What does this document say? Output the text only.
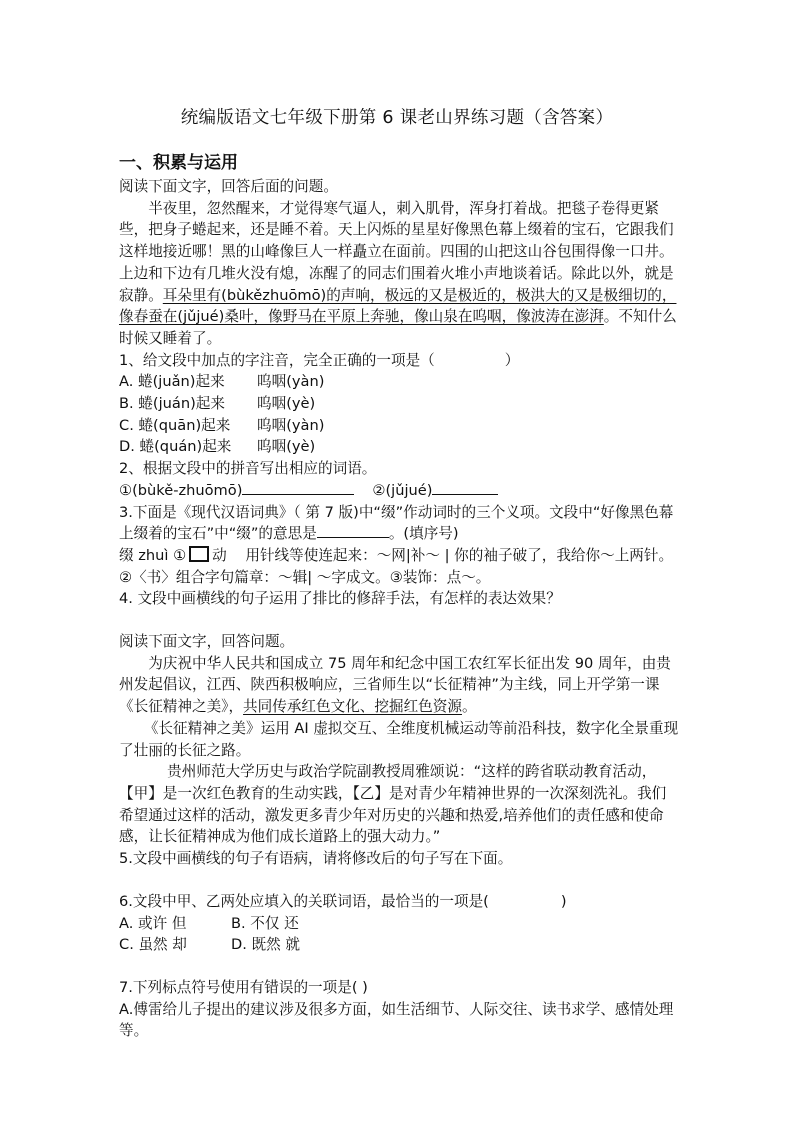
统编版语文七年级下册第 6 课老山界练习题（含答案）
一、积累与运用

阅读下面文字，回答后面的问题。

半夜里，忽然醒来，才觉得寒气逼人，刺入肌骨，浑身打着战。把毯子卷得更紧些，把身子蜷起来，还是睡不着。天上闪烁的星星好像黑色幕上缀着的宝石，它跟我们这样地接近哪！黑的山峰像巨人一样矗立在面前。四围的山把这山谷包围得像一口井。上边和下边有几堆火没有熄，冻醒了的同志们围着火堆小声地谈着话。除此以外，就是寂静。耳朵里有(bùkězhuōmō)的声响，极远的又是极近的，极洪大的又是极细切的，像春蚕在(jǔjué)桑叶，像野马在平原上奔驰，像山泉在呜咽，像波涛在澎湃。不知什么时候又睡着了。

1、给文段中加点的字注音，完全正确的一项是（	）

A. 蜷(juǎn)起来 呜咽(yàn)

B. 蜷(juán)起来 呜咽(yè)

C. 蜷(quān)起来 呜咽(yàn)

D. 蜷(quán)起来 呜咽(yè)

2、根据文段中的拼音写出相应的词语。

①(bùkě-zhuōmō)	②(jǔjué)

3.下面是《现代汉语词典》（ 第 7 版)中“缀”作动词时的三个义项。文段中“好像黑色幕上缀着的宝石”中“缀”的意思是	。(填序号)

缀 zhuì ① 动 用针线等使连起来：～网|补～ | 你的袖子破了，我给你～上两针。②〈书〉组合字句篇章：～辑| ～字成文。③装饰：点～。

4. 文段中画横线的句子运用了排比的修辞手法，有怎样的表达效果？

阅读下面文字，回答问题。

为庆祝中华人民共和国成立 75 周年和纪念中国工农红军长征出发 90 周年，由贵州发起倡议，江西、陕西积极响应，三省师生以“长征精神”为主线，同上开学第一课《长征精神之美》，共同传承红色文化、挖掘红色资源。

《长征精神之美》运用 AI 虚拟交互、全维度机械运动等前沿科技，数字化全景重现了壮丽的长征之路。

贵州师范大学历史与政治学院副教授周雅颂说：“这样的跨省联动教育活动，【甲】是一次红色教育的生动实践，【乙】是对青少年精神世界的一次深刻洗礼。我们希望通过这样的活动，激发更多青少年对历史的兴趣和热爱,培养他们的责任感和使命感，让长征精神成为他们成长道路上的强大动力。”

5.文段中画横线的句子有语病，请将修改后的句子写在下面。

6.文段中甲、乙两处应填入的关联词语，最恰当的一项是(	)

A. 或许 但	B. 不仅 还

C. 虽然 却	D. 既然 就

7.下列标点符号使用有错误的一项是( )

A.傅雷给儿子提出的建议涉及很多方面，如生活细节、人际交往、读书求学、感情处理等。
